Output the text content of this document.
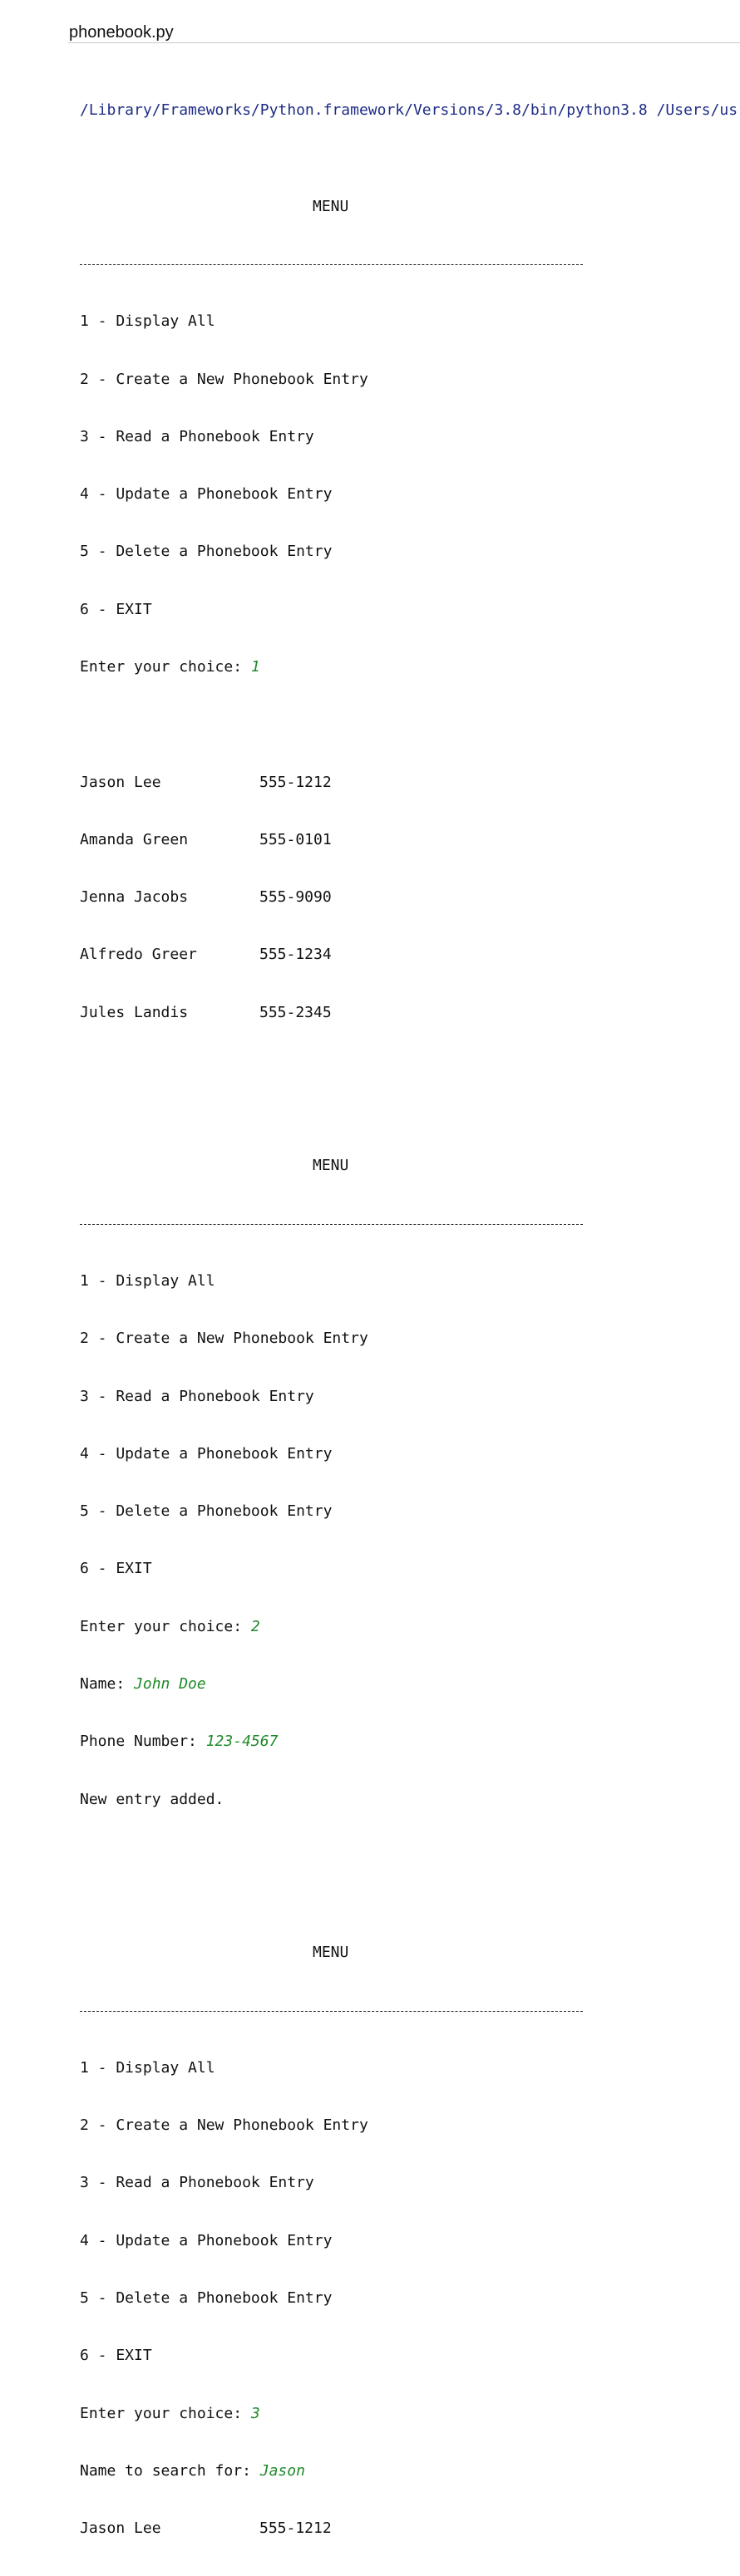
phonebook.py

/Library/Frameworks/Python.framework/Versions/3.8/bin/python3.8 /Users/us

MENU

1 - Display All

2 - Create a New Phonebook Entry

3 - Read a Phonebook Entry

4 - Update a Phonebook Entry

5 - Delete a Phonebook Entry

6 - EXIT

Enter your choice: 1

Jason Lee	555-1212

Amanda Green	555-0101

Jenna Jacobs	555-9090

Alfredo Greer	555-1234

Jules Landis	555-2345

MENU

1 - Display All

2 - Create a New Phonebook Entry

3 - Read a Phonebook Entry

4 - Update a Phonebook Entry

5 - Delete a Phonebook Entry

6 - EXIT

Enter your choice: 2

Name: John Doe

Phone Number: 123-4567

New entry added.

MENU

1 - Display All

2 - Create a New Phonebook Entry

3 - Read a Phonebook Entry

4 - Update a Phonebook Entry

5 - Delete a Phonebook Entry

6 - EXIT

Enter your choice: 3

Name to search for: Jason

Jason Lee	555-1212
